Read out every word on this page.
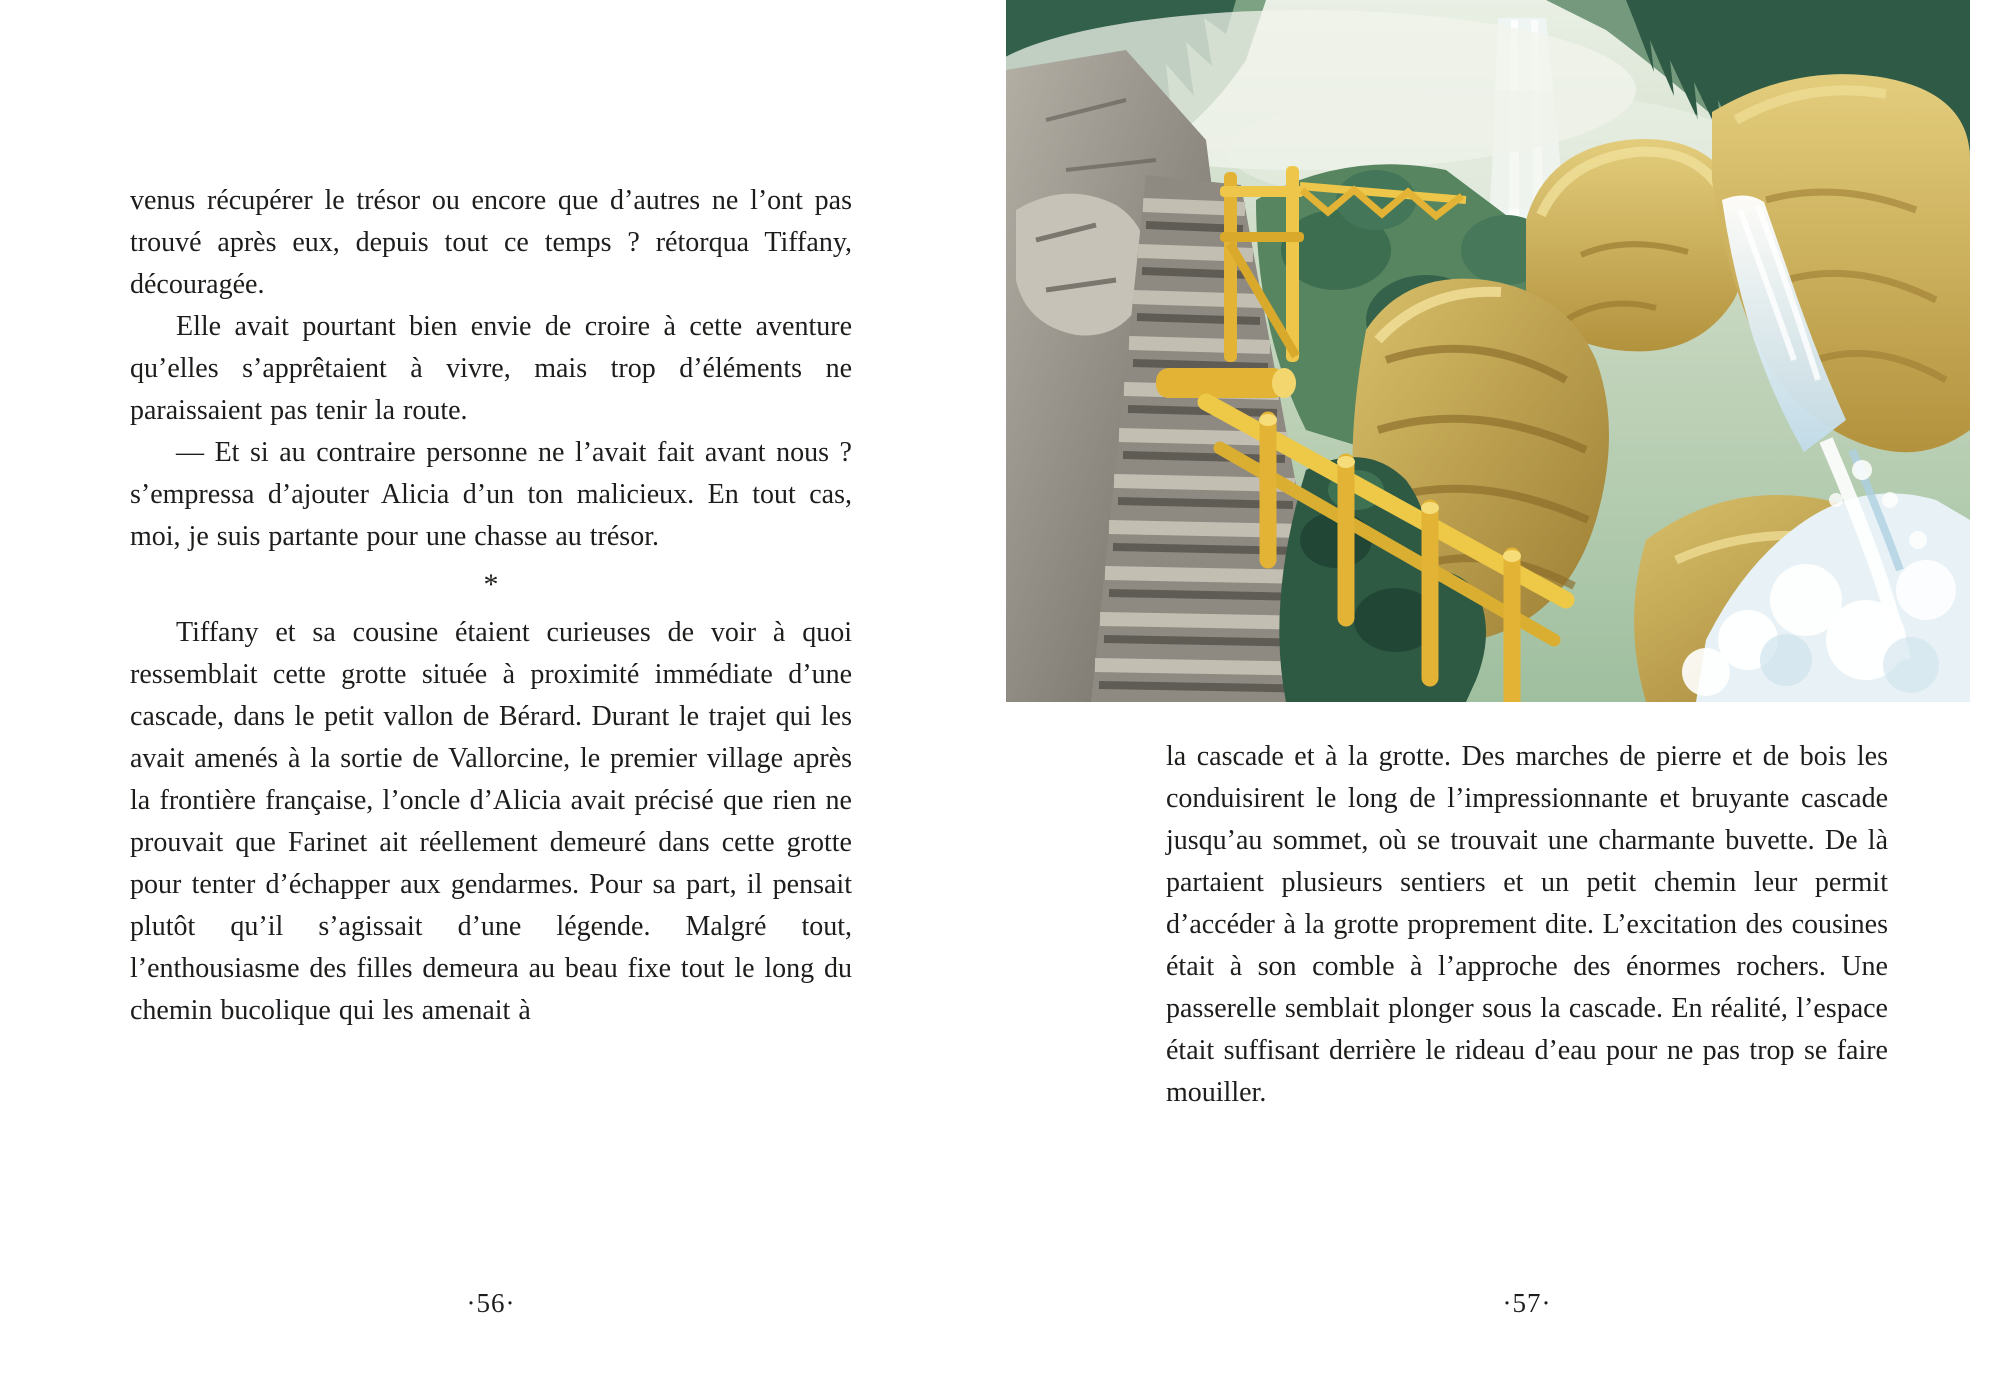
venus récupérer le trésor ou encore que d’autres ne l’ont pas trouvé après eux, depuis tout ce temps ? rétorqua Tiffany, découragée.

Elle avait pourtant bien envie de croire à cette aventure qu’elles s’apprêtaient à vivre, mais trop d’éléments ne paraissaient pas tenir la route.

— Et si au contraire personne ne l’avait fait avant nous ? s’empressa d’ajouter Alicia d’un ton malicieux. En tout cas, moi, je suis partante pour une chasse au trésor.

*

Tiffany et sa cousine étaient curieuses de voir à quoi ressemblait cette grotte située à proximité immédiate d’une cascade, dans le petit vallon de Bérard. Durant le trajet qui les avait amenés à la sortie de Vallorcine, le premier village après la frontière française, l’oncle d’Alicia avait précisé que rien ne prouvait que Farinet ait réellement demeuré dans cette grotte pour tenter d’échapper aux gendarmes. Pour sa part, il pensait plutôt qu’il s’agissait d’une légende. Malgré tout, l’enthousiasme des filles demeura au beau fixe tout le long du chemin bucolique qui les amenait à

·56·

la cascade et à la grotte. Des marches de pierre et de bois les conduisirent le long de l’impressionnante et bruyante cascade jusqu’au sommet, où se trouvait une charmante buvette. De là partaient plusieurs sentiers et un petit chemin leur permit d’accéder à la grotte proprement dite. L’excitation des cousines était à son comble à l’approche des énormes rochers. Une passerelle semblait plonger sous la cascade. En réalité, l’espace était suffisant derrière le rideau d’eau pour ne pas trop se faire mouiller.

·57·
